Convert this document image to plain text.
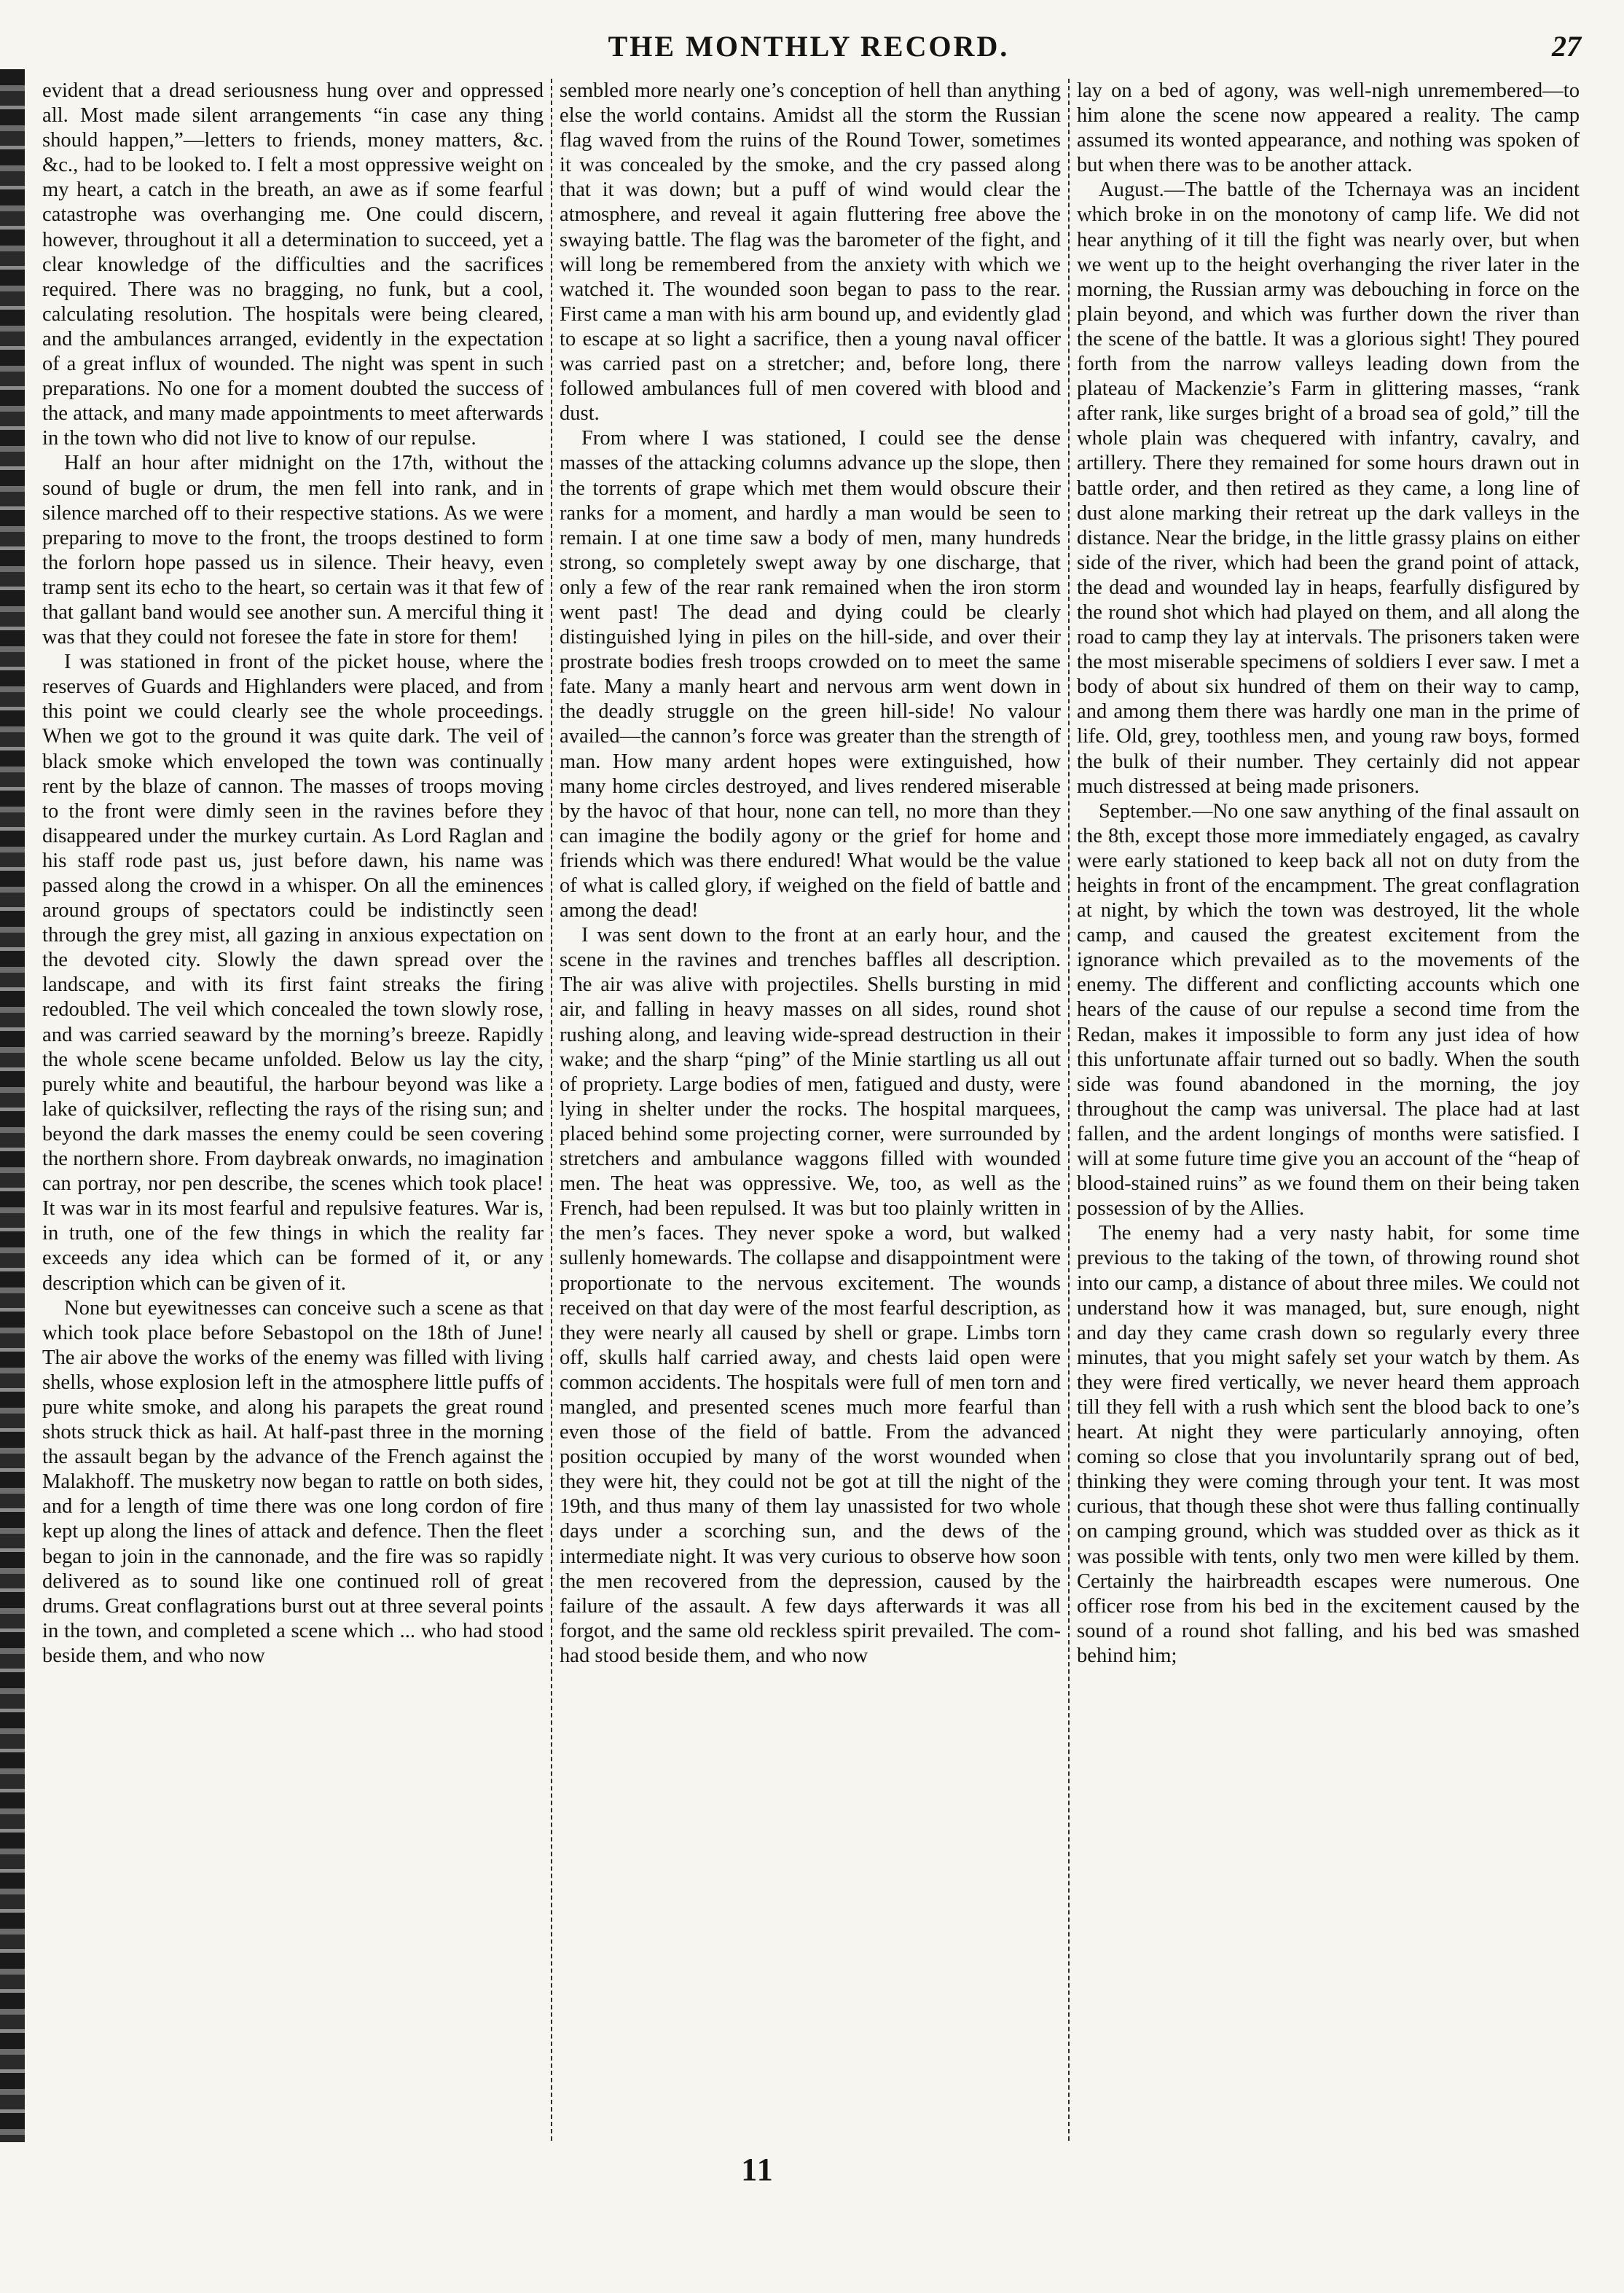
THE MONTHLY RECORD.	27

evident that a dread seriousness hung over and oppressed all. Most made silent arrangements “in case any thing should happen,”—letters to friends, money matters, &c. &c., had to be looked to. I felt a most oppressive weight on my heart, a catch in the breath, an awe as if some fearful catastrophe was overhanging me. One could discern, however, throughout it all a determination to succeed, yet a clear knowledge of the difficulties and the sacrifices required. There was no bragging, no funk, but a cool, calculating resolution. The hospitals were being cleared, and the ambulances arranged, evidently in the expectation of a great influx of wounded. The night was spent in such preparations. No one for a moment doubted the success of the attack, and many made appointments to meet afterwards in the town who did not live to know of our repulse.

Half an hour after midnight on the 17th, without the sound of bugle or drum, the men fell into rank, and in silence marched off to their respective stations. As we were preparing to move to the front, the troops destined to form the forlorn hope passed us in silence. Their heavy, even tramp sent its echo to the heart, so certain was it that few of that gallant band would see another sun. A merciful thing it was that they could not foresee the fate in store for them!

I was stationed in front of the picket house, where the reserves of Guards and Highlanders were placed, and from this point we could clearly see the whole proceedings. When we got to the ground it was quite dark. The veil of black smoke which enveloped the town was continually rent by the blaze of cannon. The masses of troops moving to the front were dimly seen in the ravines before they disappeared under the murkey curtain. As Lord Raglan and his staff rode past us, just before dawn, his name was passed along the crowd in a whisper. On all the eminences around groups of spectators could be indistinctly seen through the grey mist, all gazing in anxious expectation on the devoted city. Slowly the dawn spread over the landscape, and with its first faint streaks the firing redoubled. The veil which concealed the town slowly rose, and was carried seaward by the morning’s breeze. Rapidly the whole scene became unfolded. Below us lay the city, purely white and beautiful, the harbour beyond was like a lake of quicksilver, reflecting the rays of the rising sun; and beyond the dark masses the enemy could be seen covering the northern shore. From daybreak onwards, no imagination can portray, nor pen describe, the scenes which took place! It was war in its most fearful and repulsive features. War is, in truth, one of the few things in which the reality far exceeds any idea which can be formed of it, or any description which can be given of it.

None but eyewitnesses can conceive such a scene as that which took place before Sebastopol on the 18th of June! The air above the works of the enemy was filled with living shells, whose explosion left in the atmosphere little puffs of pure white smoke, and along his parapets the great round shots struck thick as hail. At half-past three in the morning the assault began by the advance of the French against the Malakhoff. The musketry now began to rattle on both sides, and for a length of time there was one long cordon of fire kept up along the lines of attack and defence. Then the fleet began to join in the cannonade, and the fire was so rapidly delivered as to sound like one continued roll of great drums. Great conflagrations burst out at three several points in the town, and completed a scene which ... who had stood beside them, and who now

sembled more nearly one’s conception of hell than anything else the world contains. Amidst all the storm the Russian flag waved from the ruins of the Round Tower, sometimes it was concealed by the smoke, and the cry passed along that it was down; but a puff of wind would clear the atmosphere, and reveal it again fluttering free above the swaying battle. The flag was the barometer of the fight, and will long be remembered from the anxiety with which we watched it. The wounded soon began to pass to the rear. First came a man with his arm bound up, and evidently glad to escape at so light a sacrifice, then a young naval officer was carried past on a stretcher; and, before long, there followed ambulances full of men covered with blood and dust.

From where I was stationed, I could see the dense masses of the attacking columns advance up the slope, then the torrents of grape which met them would obscure their ranks for a moment, and hardly a man would be seen to remain. I at one time saw a body of men, many hundreds strong, so completely swept away by one discharge, that only a few of the rear rank remained when the iron storm went past! The dead and dying could be clearly distinguished lying in piles on the hill-side, and over their prostrate bodies fresh troops crowded on to meet the same fate. Many a manly heart and nervous arm went down in the deadly struggle on the green hill-side! No valour availed—the cannon’s force was greater than the strength of man. How many ardent hopes were extinguished, how many home circles destroyed, and lives rendered miserable by the havoc of that hour, none can tell, no more than they can imagine the bodily agony or the grief for home and friends which was there endured! What would be the value of what is called glory, if weighed on the field of battle and among the dead!

I was sent down to the front at an early hour, and the scene in the ravines and trenches baffles all description. The air was alive with projectiles. Shells bursting in mid air, and falling in heavy masses on all sides, round shot rushing along, and leaving wide-spread destruction in their wake; and the sharp “ping” of the Minie startling us all out of propriety. Large bodies of men, fatigued and dusty, were lying in shelter under the rocks. The hospital marquees, placed behind some projecting corner, were surrounded by stretchers and ambulance waggons filled with wounded men. The heat was oppressive. We, too, as well as the French, had been repulsed. It was but too plainly written in the men’s faces. They never spoke a word, but walked sullenly homewards. The collapse and disappointment were proportionate to the nervous excitement. The wounds received on that day were of the most fearful description, as they were nearly all caused by shell or grape. Limbs torn off, skulls half carried away, and chests laid open were common accidents. The hospitals were full of men torn and mangled, and presented scenes much more fearful than even those of the field of battle. From the advanced position occupied by many of the worst wounded when they were hit, they could not be got at till the night of the 19th, and thus many of them lay unassisted for two whole days under a scorching sun, and the dews of the intermediate night. It was very curious to observe how soon the men recovered from the depression, caused by the failure of the assault. A few days afterwards it was all forgot, and the same old reckless spirit prevailed. The com- had stood beside them, and who now

lay on a bed of agony, was well-nigh unremembered—to him alone the scene now appeared a reality. The camp assumed its wonted appearance, and nothing was spoken of but when there was to be another attack.

August.—The battle of the Tchernaya was an incident which broke in on the monotony of camp life. We did not hear anything of it till the fight was nearly over, but when we went up to the height overhanging the river later in the morning, the Russian army was debouching in force on the plain beyond, and which was further down the river than the scene of the battle. It was a glorious sight! They poured forth from the narrow valleys leading down from the plateau of Mackenzie’s Farm in glittering masses, “rank after rank, like surges bright of a broad sea of gold,” till the whole plain was chequered with infantry, cavalry, and artillery. There they remained for some hours drawn out in battle order, and then retired as they came, a long line of dust alone marking their retreat up the dark valleys in the distance. Near the bridge, in the little grassy plains on either side of the river, which had been the grand point of attack, the dead and wounded lay in heaps, fearfully disfigured by the round shot which had played on them, and all along the road to camp they lay at intervals. The prisoners taken were the most miserable specimens of soldiers I ever saw. I met a body of about six hundred of them on their way to camp, and among them there was hardly one man in the prime of life. Old, grey, toothless men, and young raw boys, formed the bulk of their number. They certainly did not appear much distressed at being made prisoners.

September.—No one saw anything of the final assault on the 8th, except those more immediately engaged, as cavalry were early stationed to keep back all not on duty from the heights in front of the encampment. The great conflagration at night, by which the town was destroyed, lit the whole camp, and caused the greatest excitement from the ignorance which prevailed as to the movements of the enemy. The different and conflicting accounts which one hears of the cause of our repulse a second time from the Redan, makes it impossible to form any just idea of how this unfortunate affair turned out so badly. When the south side was found abandoned in the morning, the joy throughout the camp was universal. The place had at last fallen, and the ardent longings of months were satisfied. I will at some future time give you an account of the “heap of blood-stained ruins” as we found them on their being taken possession of by the Allies.

The enemy had a very nasty habit, for some time previous to the taking of the town, of throwing round shot into our camp, a distance of about three miles. We could not understand how it was managed, but, sure enough, night and day they came crash down so regularly every three minutes, that you might safely set your watch by them. As they were fired vertically, we never heard them approach till they fell with a rush which sent the blood back to one’s heart. At night they were particularly annoying, often coming so close that you involuntarily sprang out of bed, thinking they were coming through your tent. It was most curious, that though these shot were thus falling continually on camping ground, which was studded over as thick as it was possible with tents, only two men were killed by them. Certainly the hairbreadth escapes were numerous. One officer rose from his bed in the excitement caused by the sound of a round shot falling, and his bed was smashed behind him;

11
